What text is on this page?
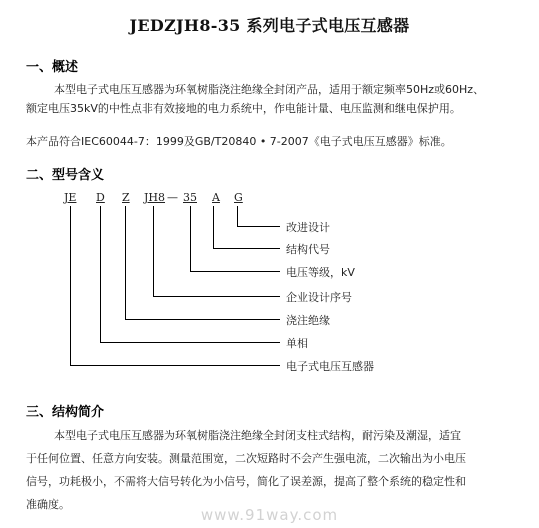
JEDZJH8-35 系列电子式电压互感器
一、概述
本型电子式电压互感器为环氧树脂浇注绝缘全封闭产品，适用于额定频率50Hz或60Hz、
额定电压35kV的中性点非有效接地的电力系统中，作电能计量、电压监测和继电保护用。
本产品符合IEC60044-7：1999及GB/T20840 • 7-2007《电子式电压互感器》标准。
二、型号含义
JE D Z JH8 — 35 A G
改进设计
结构代号
电压等级，kV
企业设计序号
浇注绝缘
单相
电子式电压互感器
三、结构简介
本型电子式电压互感器为环氧树脂浇注绝缘全封闭支柱式结构，耐污染及潮湿，适宜
于任何位置、任意方向安装。测量范围宽，二次短路时不会产生强电流，二次输出为小电压
信号，功耗极小，不需将大信号转化为小信号，简化了误差源，提高了整个系统的稳定性和
准确度。
www.91way.com
